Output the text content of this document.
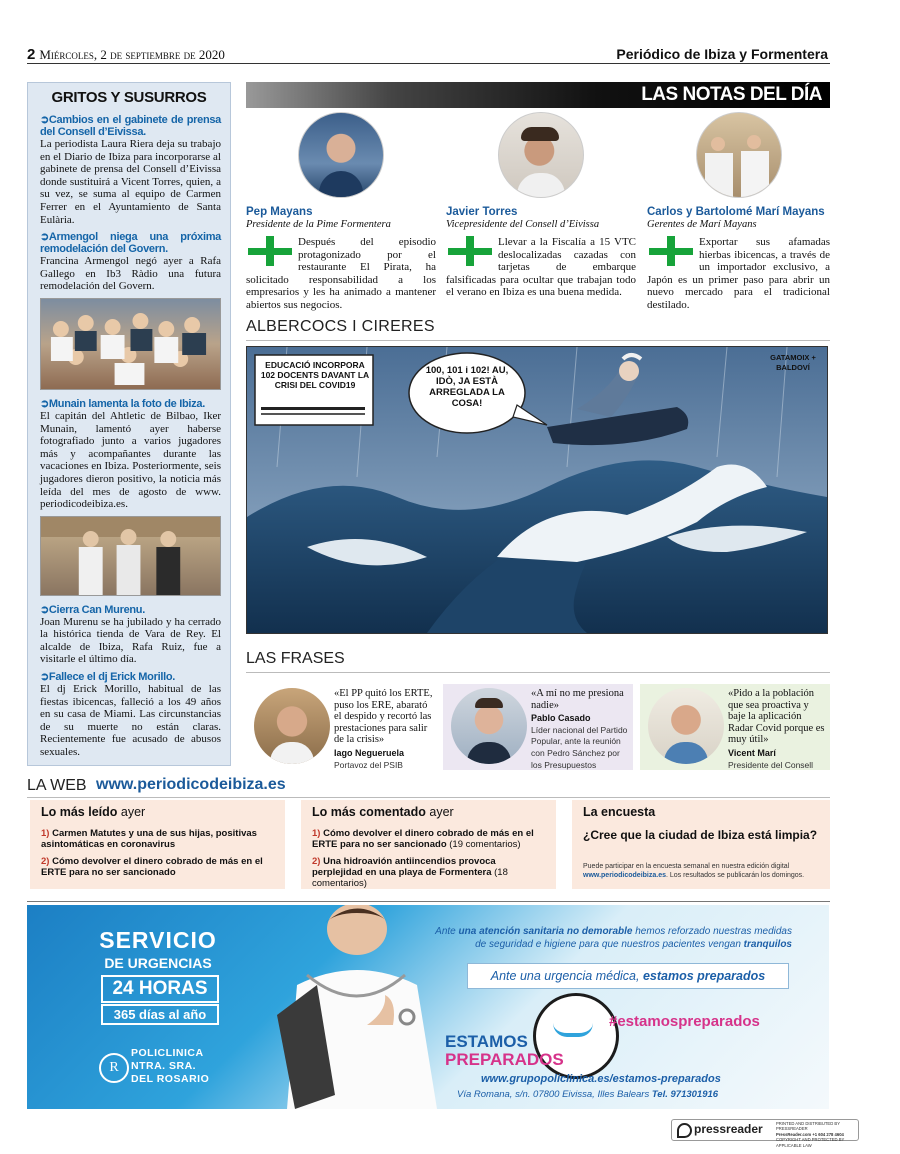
2 Miércoles, 2 de septiembre de 2020	Periódico de Ibiza y Formentera
GRITOS Y SUSURROS
➲Cambios en el gabinete de prensa del Consell d’Eivissa.
La periodista Laura Riera deja su trabajo en el Diario de Ibiza para incorporarse al gabinete de prensa del Consell d’Eivissa donde sustituirá a Vicent Torres, quien, a su vez, se suma al equipo de Carmen Ferrer en el Ayuntamiento de Santa Eulària.
➲Armengol niega una próxima remodelación del Govern.
Francina Armengol negó ayer a Rafa Gallego en Ib3 Ràdio una futura remodelación del Govern.
➲Munain lamenta la foto de Ibiza.
El capitán del Ahtletic de Bilbao, Iker Munain, lamentó ayer haberse fotografiado junto a varios jugadores más y acompañantes durante las vacaciones en Ibiza. Posteriormente, seis jugadores dieron positivo, la noticia más leída del mes de agosto de www. periodicodeibiza.es.
➲Cierra Can Murenu.
Joan Murenu se ha jubilado y ha cerrado la histórica tienda de Vara de Rey. El alcalde de Ibiza, Rafa Ruiz, fue a visitarle el último día.
➲Fallece el dj Erick Morillo.
El dj Erick Morillo, habitual de las fiestas ibicencas, falleció a los 49 años en su casa de Miami. Las circunstancias de su muerte no están claras. Recientemente fue acusado de abusos sexuales.
LAS NOTAS DEL DÍA
Pep Mayans
Presidente de la Pime Formentera
Después del episodio protagonizado por el restaurante El Pirata, ha solicitado responsabilidad a los empresarios y les ha animado a mantener abiertos sus negocios.
Javier Torres
Vicepresidente del Consell d’Eivissa
Llevar a la Fiscalía a 15 VTC deslocalizadas cazadas con tarjetas de embarque falsificadas para ocultar que trabajan todo el verano en Ibiza es una buena medida.
Carlos y Bartolomé Marí Mayans
Gerentes de Marí Mayans
Exportar sus afamadas hierbas ibicencas, a través de un importador exclusivo, a Japón es un primer paso para abrir un nuevo mercado para el tradicional destilado.
ALBERCOCS I CIRERES
EDUCACIÓ INCORPORA 102 DOCENTS DAVANT LA CRISI DEL COVID19
100, 101 i 102! AU, IDÒ, JA ESTÀ ARREGLADA LA COSA!
GATAMOIX + BALDOVÍ
LAS FRASES
«El PP quitó los ERTE, puso los ERE, abarató el despido y recortó las prestaciones para salir de la crisis»
Iago Negueruela
Portavoz del PSIB
«A mí no me presiona nadie»
Pablo Casado
Líder nacional del Partido Popular, ante la reunión con Pedro Sánchez por los Presupuestos
«Pido a la población que sea proactiva y baje la aplicación Radar Covid porque es muy útil»
Vicent Marí
Presidente del Consell
LA WEB www.periodicodeibiza.es
Lo más leído ayer
1) Carmen Matutes y una de sus hijas, positivas asintomáticas en coronavirus
2) Cómo devolver el dinero cobrado de más en el ERTE para no ser sancionado
Lo más comentado ayer
1) Cómo devolver el dinero cobrado de más en el ERTE para no ser sancionado (19 comentarios)
2) Una hidroavión antiincendios provoca perplejidad en una playa de Formentera (18 comentarios)
La encuesta
¿Cree que la ciudad de Ibiza está limpia?
Puede participar en la encuesta semanal en nuestra edición digital
www.periodicodeibiza.es. Los resultados se publicarán los domingos.
SERVICIO
DE URGENCIAS
24 HORAS
365 días al año
R
POLICLINICA
NTRA. SRA.
DEL ROSARIO
Ante una atención sanitaria no demorable hemos reforzado nuestras medidas
de seguridad e higiene para que nuestros pacientes vengan tranquilos
Ante una urgencia médica, estamos preparados
#estamospreparados
ESTAMOS
PREPARADOS
www.grupopoliclinica.es/estamos-preparados
Vía Romana, s/n. 07800 Eivissa, Illes Balears Tel. 971301916
pressreader	PRINTED AND DISTRIBUTED BY PRESSREADER
PressReader.com +1 604 278 4604
COPYRIGHT AND PROTECTED BY APPLICABLE LAW
